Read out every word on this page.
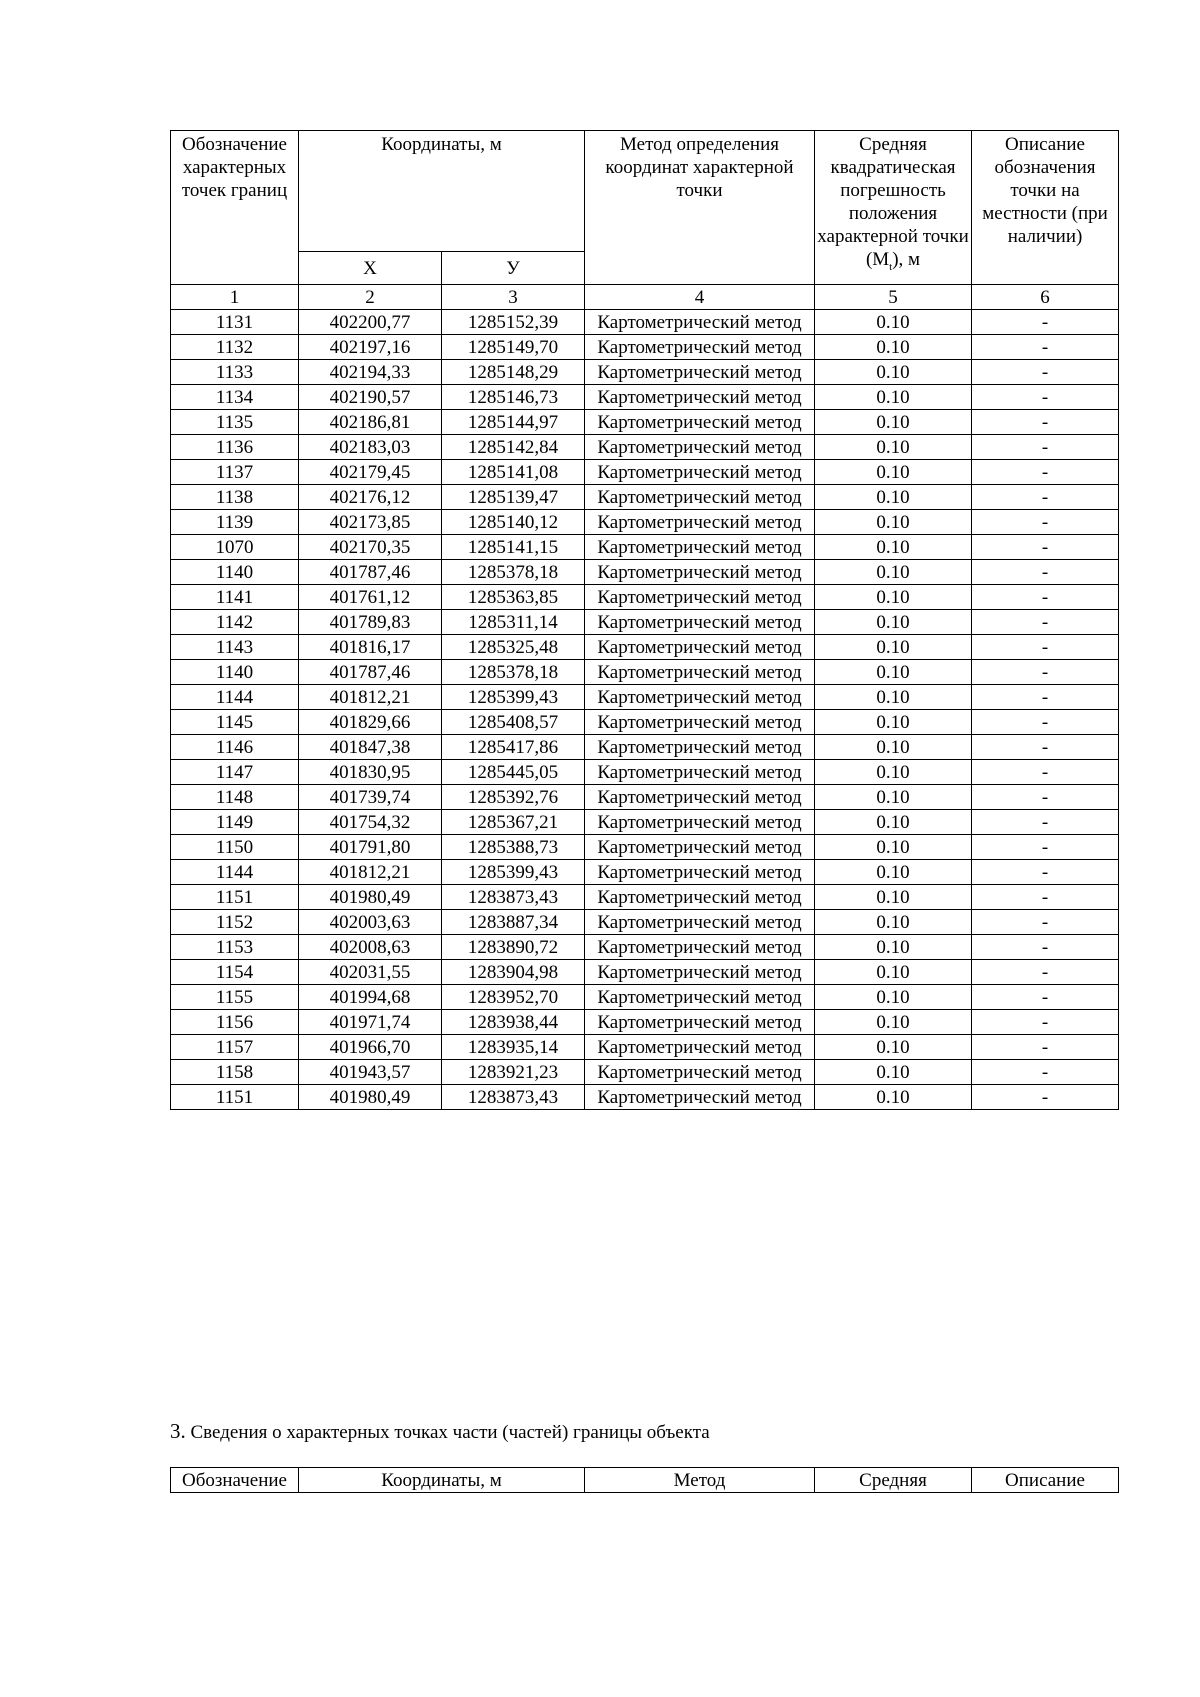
Обозначение характерных точек границ	Координаты, м		Метод определения координат характерной точки	Средняя квадратическая погрешность положения характерной точки $(М_t)$, м	Описание обозначения точки на местности (при наличии)
	Х	У			
1	2	3	4	5	6
1131	402200,77	1285152,39	Картометрический метод	0.10	-
1132	402197,16	1285149,70	Картометрический метод	0.10	-
1133	402194,33	1285148,29	Картометрический метод	0.10	-
1134	402190,57	1285146,73	Картометрический метод	0.10	-
1135	402186,81	1285144,97	Картометрический метод	0.10	-
1136	402183,03	1285142,84	Картометрический метод	0.10	-
1137	402179,45	1285141,08	Картометрический метод	0.10	-
1138	402176,12	1285139,47	Картометрический метод	0.10	-
1139	402173,85	1285140,12	Картометрический метод	0.10	-
1070	402170,35	1285141,15	Картометрический метод	0.10	-
1140	401787,46	1285378,18	Картометрический метод	0.10	-
1141	401761,12	1285363,85	Картометрический метод	0.10	-
1142	401789,83	1285311,14	Картометрический метод	0.10	-
1143	401816,17	1285325,48	Картометрический метод	0.10	-
1140	401787,46	1285378,18	Картометрический метод	0.10	-
1144	401812,21	1285399,43	Картометрический метод	0.10	-
1145	401829,66	1285408,57	Картометрический метод	0.10	-
1146	401847,38	1285417,86	Картометрический метод	0.10	-
1147	401830,95	1285445,05	Картометрический метод	0.10	-
1148	401739,74	1285392,76	Картометрический метод	0.10	-
1149	401754,32	1285367,21	Картометрический метод	0.10	-
1150	401791,80	1285388,73	Картометрический метод	0.10	-
1144	401812,21	1285399,43	Картометрический метод	0.10	-
1151	401980,49	1283873,43	Картометрический метод	0.10	-
1152	402003,63	1283887,34	Картометрический метод	0.10	-
1153	402008,63	1283890,72	Картометрический метод	0.10	-
1154	402031,55	1283904,98	Картометрический метод	0.10	-
1155	401994,68	1283952,70	Картометрический метод	0.10	-
1156	401971,74	1283938,44	Картометрический метод	0.10	-
1157	401966,70	1283935,14	Картометрический метод	0.10	-
1158	401943,57	1283921,23	Картометрический метод	0.10	-
1151	401980,49	1283873,43	Картометрический метод	0.10	-

3. Сведения о характерных точках части (частей) границы объекта

Обозначение	Координаты, м	Метод	Средняя	Описание
